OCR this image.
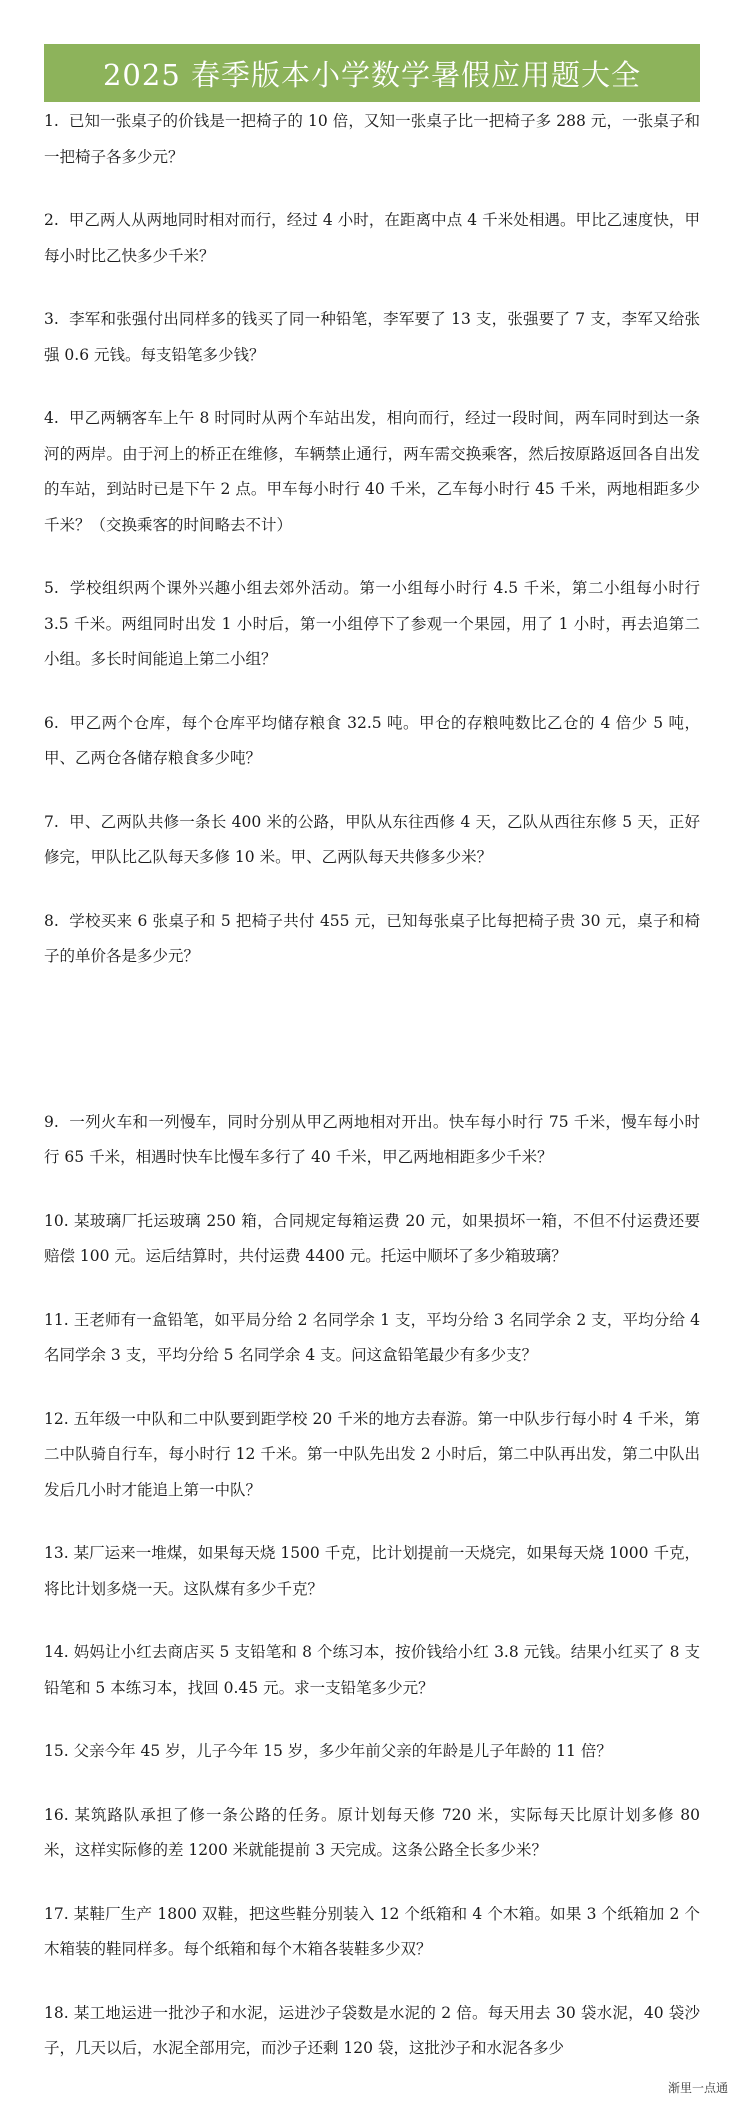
2025 春季版本小学数学暑假应用题大全

1. 已知一张桌子的价钱是一把椅子的 10 倍，又知一张桌子比一把椅子多 288 元，一张桌子和一把椅子各多少元？

2. 甲乙两人从两地同时相对而行，经过 4 小时，在距离中点 4 千米处相遇。甲比乙速度快，甲每小时比乙快多少千米？

3. 李军和张强付出同样多的钱买了同一种铅笔，李军要了 13 支，张强要了 7 支，李军又给张强 0.6 元钱。每支铅笔多少钱？

4. 甲乙两辆客车上午 8 时同时从两个车站出发，相向而行，经过一段时间，两车同时到达一条河的两岸。由于河上的桥正在维修，车辆禁止通行，两车需交换乘客，然后按原路返回各自出发的车站，到站时已是下午 2 点。甲车每小时行 40 千米，乙车每小时行 45 千米，两地相距多少千米？（交换乘客的时间略去不计）

5. 学校组织两个课外兴趣小组去郊外活动。第一小组每小时行 4.5 千米，第二小组每小时行 3.5 千米。两组同时出发 1 小时后，第一小组停下了参观一个果园，用了 1 小时，再去追第二小组。多长时间能追上第二小组？

6. 甲乙两个仓库，每个仓库平均储存粮食 32.5 吨。甲仓的存粮吨数比乙仓的 4 倍少 5 吨，甲、乙两仓各储存粮食多少吨？

7. 甲、乙两队共修一条长 400 米的公路，甲队从东往西修 4 天，乙队从西往东修 5 天，正好修完，甲队比乙队每天多修 10 米。甲、乙两队每天共修多少米？

8. 学校买来 6 张桌子和 5 把椅子共付 455 元，已知每张桌子比每把椅子贵 30 元，桌子和椅子的单价各是多少元？

9. 一列火车和一列慢车，同时分别从甲乙两地相对开出。快车每小时行 75 千米，慢车每小时行 65 千米，相遇时快车比慢车多行了 40 千米，甲乙两地相距多少千米？

10. 某玻璃厂托运玻璃 250 箱，合同规定每箱运费 20 元，如果损坏一箱，不但不付运费还要赔偿 100 元。运后结算时，共付运费 4400 元。托运中顺坏了多少箱玻璃？

11. 王老师有一盒铅笔，如平局分给 2 名同学余 1 支，平均分给 3 名同学余 2 支，平均分给 4 名同学余 3 支，平均分给 5 名同学余 4 支。问这盒铅笔最少有多少支？

12. 五年级一中队和二中队要到距学校 20 千米的地方去春游。第一中队步行每小时 4 千米，第二中队骑自行车，每小时行 12 千米。第一中队先出发 2 小时后，第二中队再出发，第二中队出发后几小时才能追上第一中队？

13. 某厂运来一堆煤，如果每天烧 1500 千克，比计划提前一天烧完，如果每天烧 1000 千克，将比计划多烧一天。这队煤有多少千克？

14. 妈妈让小红去商店买 5 支铅笔和 8 个练习本，按价钱给小红 3.8 元钱。结果小红买了 8 支铅笔和 5 本练习本，找回 0.45 元。求一支铅笔多少元？

15. 父亲今年 45 岁，儿子今年 15 岁，多少年前父亲的年龄是儿子年龄的 11 倍？

16. 某筑路队承担了修一条公路的任务。原计划每天修 720 米，实际每天比原计划多修 80 米，这样实际修的差 1200 米就能提前 3 天完成。这条公路全长多少米？

17. 某鞋厂生产 1800 双鞋，把这些鞋分别装入 12 个纸箱和 4 个木箱。如果 3 个纸箱加 2 个木箱装的鞋同样多。每个纸箱和每个木箱各装鞋多少双？

18. 某工地运进一批沙子和水泥，运进沙子袋数是水泥的 2 倍。每天用去 30 袋水泥，40 袋沙子，几天以后，水泥全部用完，而沙子还剩 120 袋，这批沙子和水泥各多少

渐里一点通
